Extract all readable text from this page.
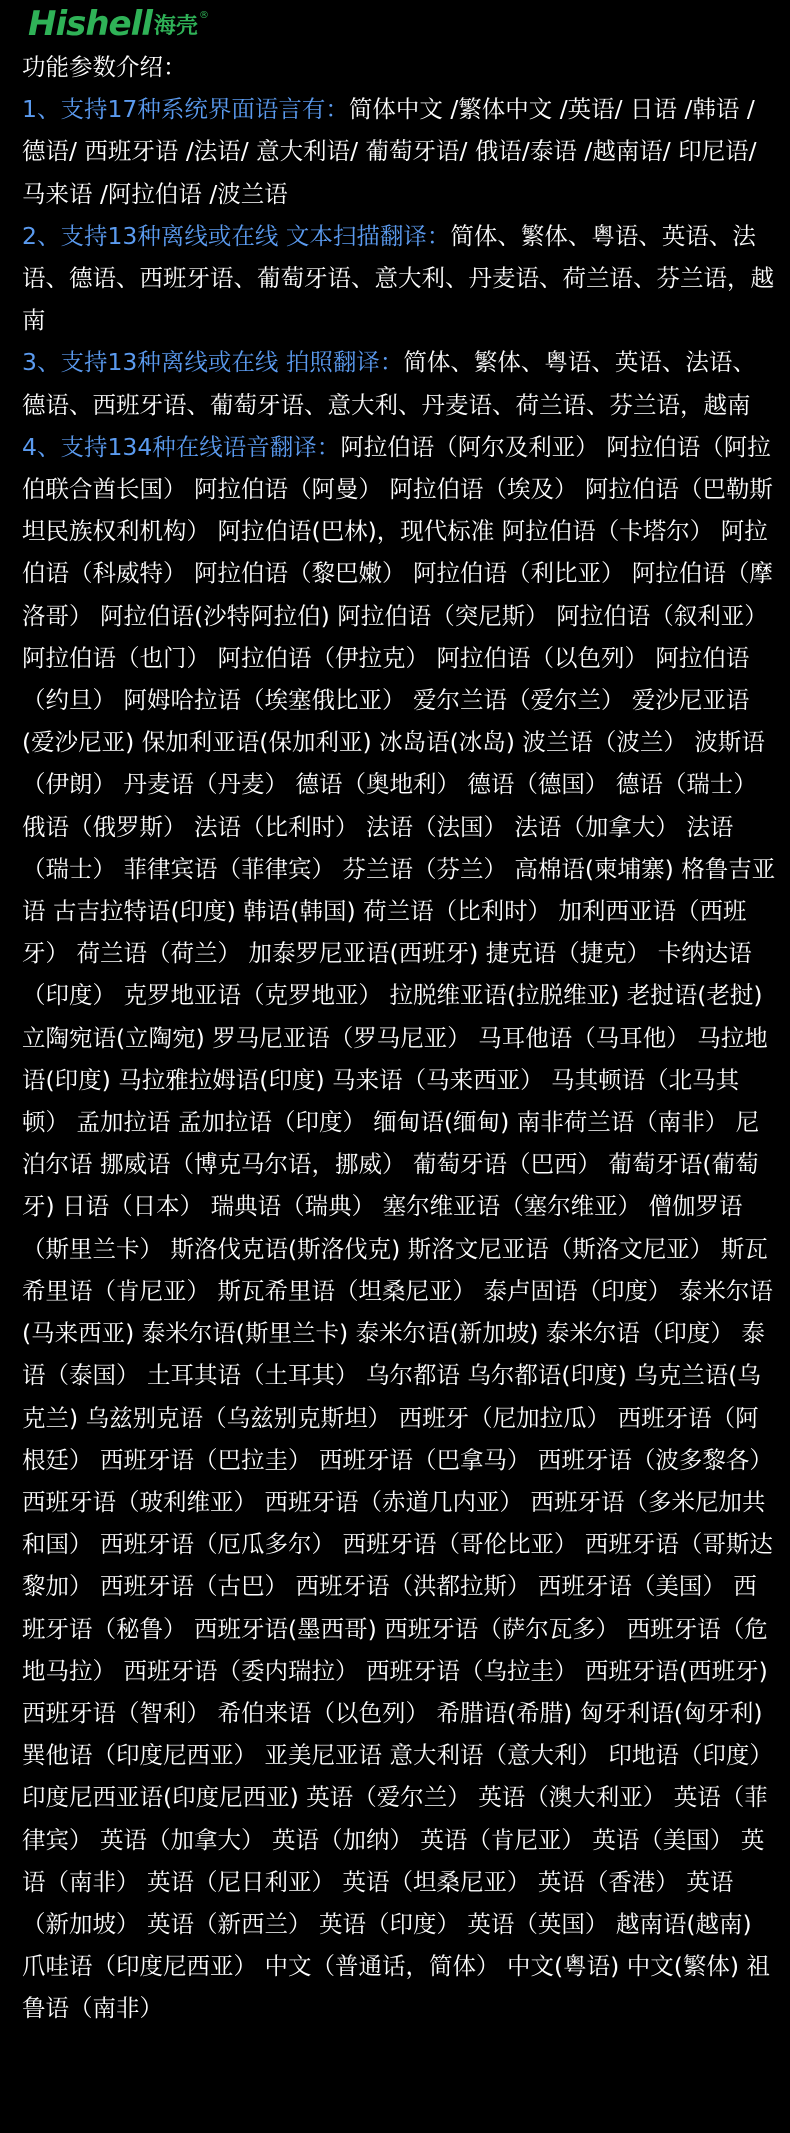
Hishell 海壳 ®

功能参数介绍：

1、支持17种系统界面语言有：简体中文 /繁体中文 /英语/ 日语 /韩语 /德语/ 西班牙语 /法语/ 意大利语/ 葡萄牙语/ 俄语/泰语 /越南语/ 印尼语/ 马来语 /阿拉伯语 /波兰语

2、支持13种离线或在线 文本扫描翻译：简体、繁体、粤语、英语、法语、德语、西班牙语、葡萄牙语、意大利、丹麦语、荷兰语、芬兰语，越南

3、支持13种离线或在线 拍照翻译：简体、繁体、粤语、英语、法语、德语、西班牙语、葡萄牙语、意大利、丹麦语、荷兰语、芬兰语，越南

4、支持134种在线语音翻译：阿拉伯语（阿尔及利亚） 阿拉伯语（阿拉伯联合酋长国） 阿拉伯语（阿曼） 阿拉伯语（埃及） 阿拉伯语（巴勒斯坦民族权利机构） 阿拉伯语(巴林)，现代标准 阿拉伯语（卡塔尔） 阿拉伯语（科威特） 阿拉伯语（黎巴嫩） 阿拉伯语（利比亚） 阿拉伯语（摩洛哥） 阿拉伯语(沙特阿拉伯) 阿拉伯语（突尼斯） 阿拉伯语（叙利亚） 阿拉伯语（也门） 阿拉伯语（伊拉克） 阿拉伯语（以色列） 阿拉伯语（约旦） 阿姆哈拉语（埃塞俄比亚） 爱尔兰语（爱尔兰） 爱沙尼亚语(爱沙尼亚) 保加利亚语(保加利亚) 冰岛语(冰岛) 波兰语（波兰） 波斯语（伊朗） 丹麦语（丹麦） 德语（奥地利） 德语（德国） 德语（瑞士） 俄语（俄罗斯） 法语（比利时） 法语（法国） 法语（加拿大） 法语（瑞士） 菲律宾语（菲律宾） 芬兰语（芬兰） 高棉语(柬埔寨) 格鲁吉亚语 古吉拉特语(印度) 韩语(韩国) 荷兰语（比利时） 加利西亚语（西班牙） 荷兰语（荷兰） 加泰罗尼亚语(西班牙) 捷克语（捷克） 卡纳达语（印度） 克罗地亚语（克罗地亚） 拉脱维亚语(拉脱维亚) 老挝语(老挝) 立陶宛语(立陶宛) 罗马尼亚语（罗马尼亚） 马耳他语（马耳他） 马拉地语(印度) 马拉雅拉姆语(印度) 马来语（马来西亚） 马其顿语（北马其顿） 孟加拉语 孟加拉语（印度） 缅甸语(缅甸) 南非荷兰语（南非） 尼泊尔语 挪威语（博克马尔语，挪威） 葡萄牙语（巴西） 葡萄牙语(葡萄牙) 日语（日本） 瑞典语（瑞典） 塞尔维亚语（塞尔维亚） 僧伽罗语（斯里兰卡） 斯洛伐克语(斯洛伐克) 斯洛文尼亚语（斯洛文尼亚） 斯瓦希里语（肯尼亚） 斯瓦希里语（坦桑尼亚） 泰卢固语（印度） 泰米尔语(马来西亚) 泰米尔语(斯里兰卡) 泰米尔语(新加坡) 泰米尔语（印度） 泰语（泰国） 土耳其语（土耳其） 乌尔都语 乌尔都语(印度) 乌克兰语(乌克兰) 乌兹别克语（乌兹别克斯坦） 西班牙（尼加拉瓜） 西班牙语（阿根廷） 西班牙语（巴拉圭） 西班牙语（巴拿马） 西班牙语（波多黎各） 西班牙语（玻利维亚） 西班牙语（赤道几内亚） 西班牙语（多米尼加共和国） 西班牙语（厄瓜多尔） 西班牙语（哥伦比亚） 西班牙语（哥斯达黎加） 西班牙语（古巴） 西班牙语（洪都拉斯） 西班牙语（美国） 西班牙语（秘鲁） 西班牙语(墨西哥) 西班牙语（萨尔瓦多） 西班牙语（危地马拉） 西班牙语（委内瑞拉） 西班牙语（乌拉圭） 西班牙语(西班牙) 西班牙语（智利） 希伯来语（以色列） 希腊语(希腊) 匈牙利语(匈牙利) 巽他语（印度尼西亚） 亚美尼亚语 意大利语（意大利） 印地语（印度） 印度尼西亚语(印度尼西亚) 英语（爱尔兰） 英语（澳大利亚） 英语（菲律宾） 英语（加拿大） 英语（加纳） 英语（肯尼亚） 英语（美国） 英语（南非） 英语（尼日利亚） 英语（坦桑尼亚） 英语（香港） 英语（新加坡） 英语（新西兰） 英语（印度） 英语（英国） 越南语(越南) 爪哇语（印度尼西亚） 中文（普通话，简体） 中文(粤语) 中文(繁体) 祖鲁语（南非）
